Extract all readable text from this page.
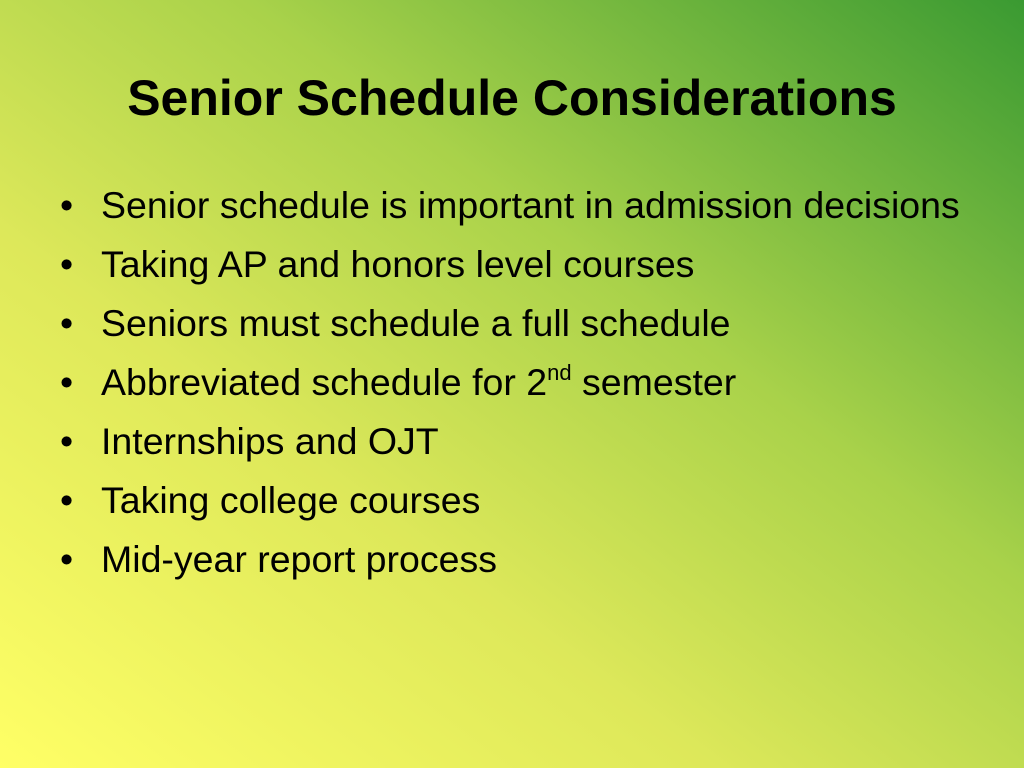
Senior Schedule Considerations
• Senior schedule is important in admission decisions
• Taking AP and honors level courses
• Seniors must schedule a full schedule
• Abbreviated schedule for 2nd semester
• Internships and OJT
• Taking college courses
• Mid-year report process
